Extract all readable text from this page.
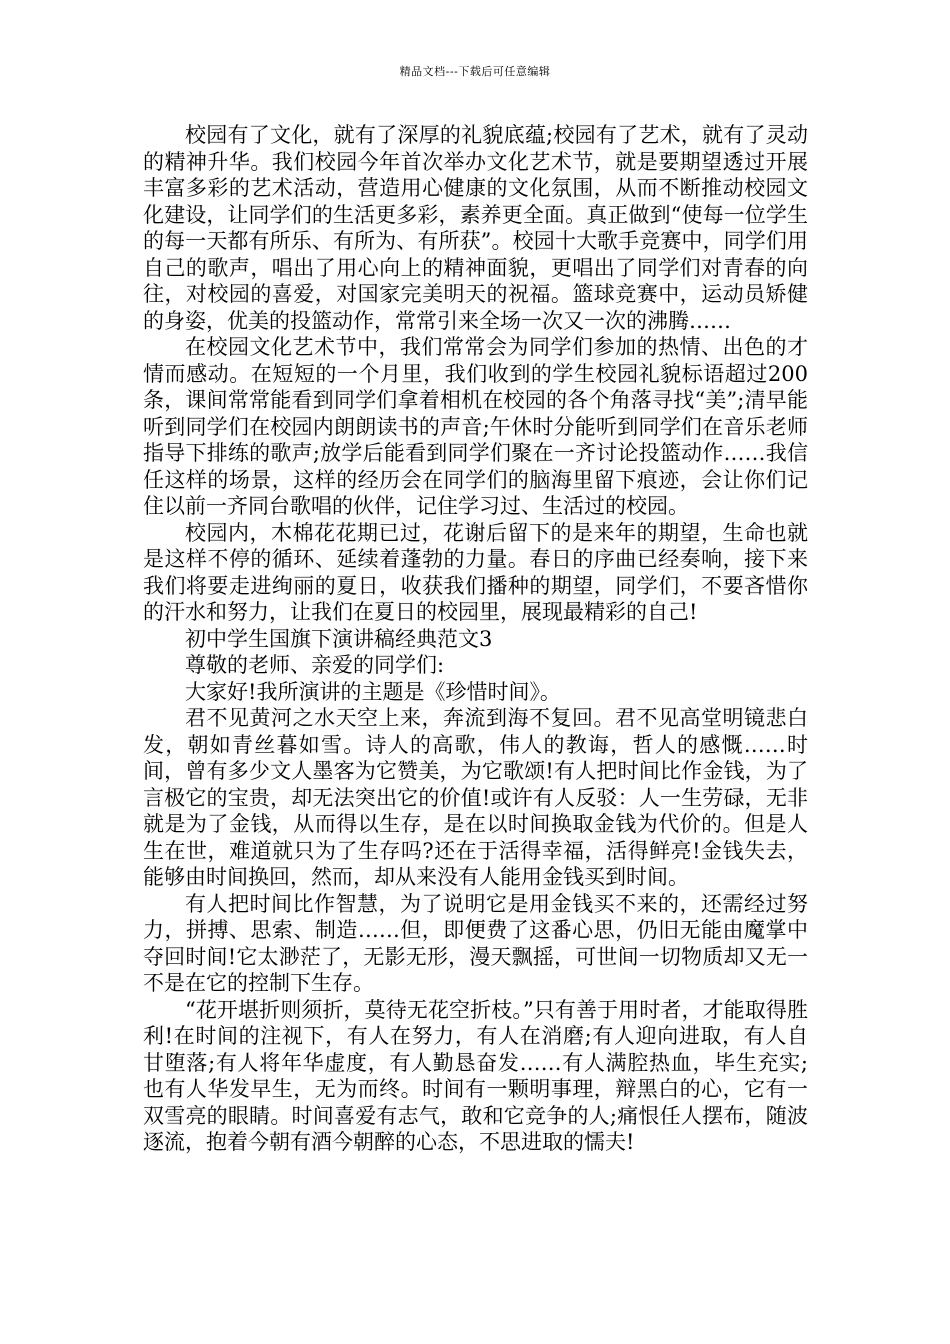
精品文档---下载后可任意编辑

校园有了文化，就有了深厚的礼貌底蕴;校园有了艺术，就有了灵动的精神升华。我们校园今年首次举办文化艺术节，就是要期望透过开展丰富多彩的艺术活动，营造用心健康的文化氛围，从而不断推动校园文化建设，让同学们的生活更多彩，素养更全面。真正做到“使每一位学生的每一天都有所乐、有所为、有所获”。校园十大歌手竞赛中，同学们用自己的歌声，唱出了用心向上的精神面貌，更唱出了同学们对青春的向往，对校园的喜爱，对国家完美明天的祝福。篮球竞赛中，运动员矫健的身姿，优美的投篮动作，常常引来全场一次又一次的沸腾……

在校园文化艺术节中，我们常常会为同学们参加的热情、出色的才情而感动。在短短的一个月里，我们收到的学生校园礼貌标语超过200条，课间常常能看到同学们拿着相机在校园的各个角落寻找“美”;清早能听到同学们在校园内朗朗读书的声音;午休时分能听到同学们在音乐老师指导下排练的歌声;放学后能看到同学们聚在一齐讨论投篮动作……我信任这样的场景，这样的经历会在同学们的脑海里留下痕迹，会让你们记住以前一齐同台歌唱的伙伴，记住学习过、生活过的校园。

校园内，木棉花花期已过，花谢后留下的是来年的期望，生命也就是这样不停的循环、延续着蓬勃的力量。春日的序曲已经奏响，接下来我们将要走进绚丽的夏日，收获我们播种的期望，同学们，不要吝惜你的汗水和努力，让我们在夏日的校园里，展现最精彩的自己!

初中学生国旗下演讲稿经典范文3

尊敬的老师、亲爱的同学们:

大家好!我所演讲的主题是《珍惜时间》。

君不见黄河之水天空上来，奔流到海不复回。君不见高堂明镜悲白发，朝如青丝暮如雪。诗人的高歌，伟人的教诲，哲人的感慨……时间，曾有多少文人墨客为它赞美，为它歌颂!有人把时间比作金钱，为了言极它的宝贵，却无法突出它的价值!或许有人反驳：人一生劳碌，无非就是为了金钱，从而得以生存，是在以时间换取金钱为代价的。但是人生在世，难道就只为了生存吗?还在于活得幸福，活得鲜亮!金钱失去，能够由时间换回，然而，却从来没有人能用金钱买到时间。

有人把时间比作智慧，为了说明它是用金钱买不来的，还需经过努力，拼搏、思索、制造……但，即便费了这番心思，仍旧无能由魔掌中夺回时间!它太渺茫了，无影无形，漫天飘摇，可世间一切物质却又无一不是在它的控制下生存。

“花开堪折则须折，莫待无花空折枝。”只有善于用时者，才能取得胜利!在时间的注视下，有人在努力，有人在消磨;有人迎向进取，有人自甘堕落;有人将年华虚度，有人勤恳奋发……有人满腔热血，毕生充实;也有人华发早生，无为而终。时间有一颗明事理，辩黑白的心，它有一双雪亮的眼睛。时间喜爱有志气，敢和它竞争的人;痛恨任人摆布，随波逐流，抱着今朝有酒今朝醉的心态，不思进取的懦夫!
